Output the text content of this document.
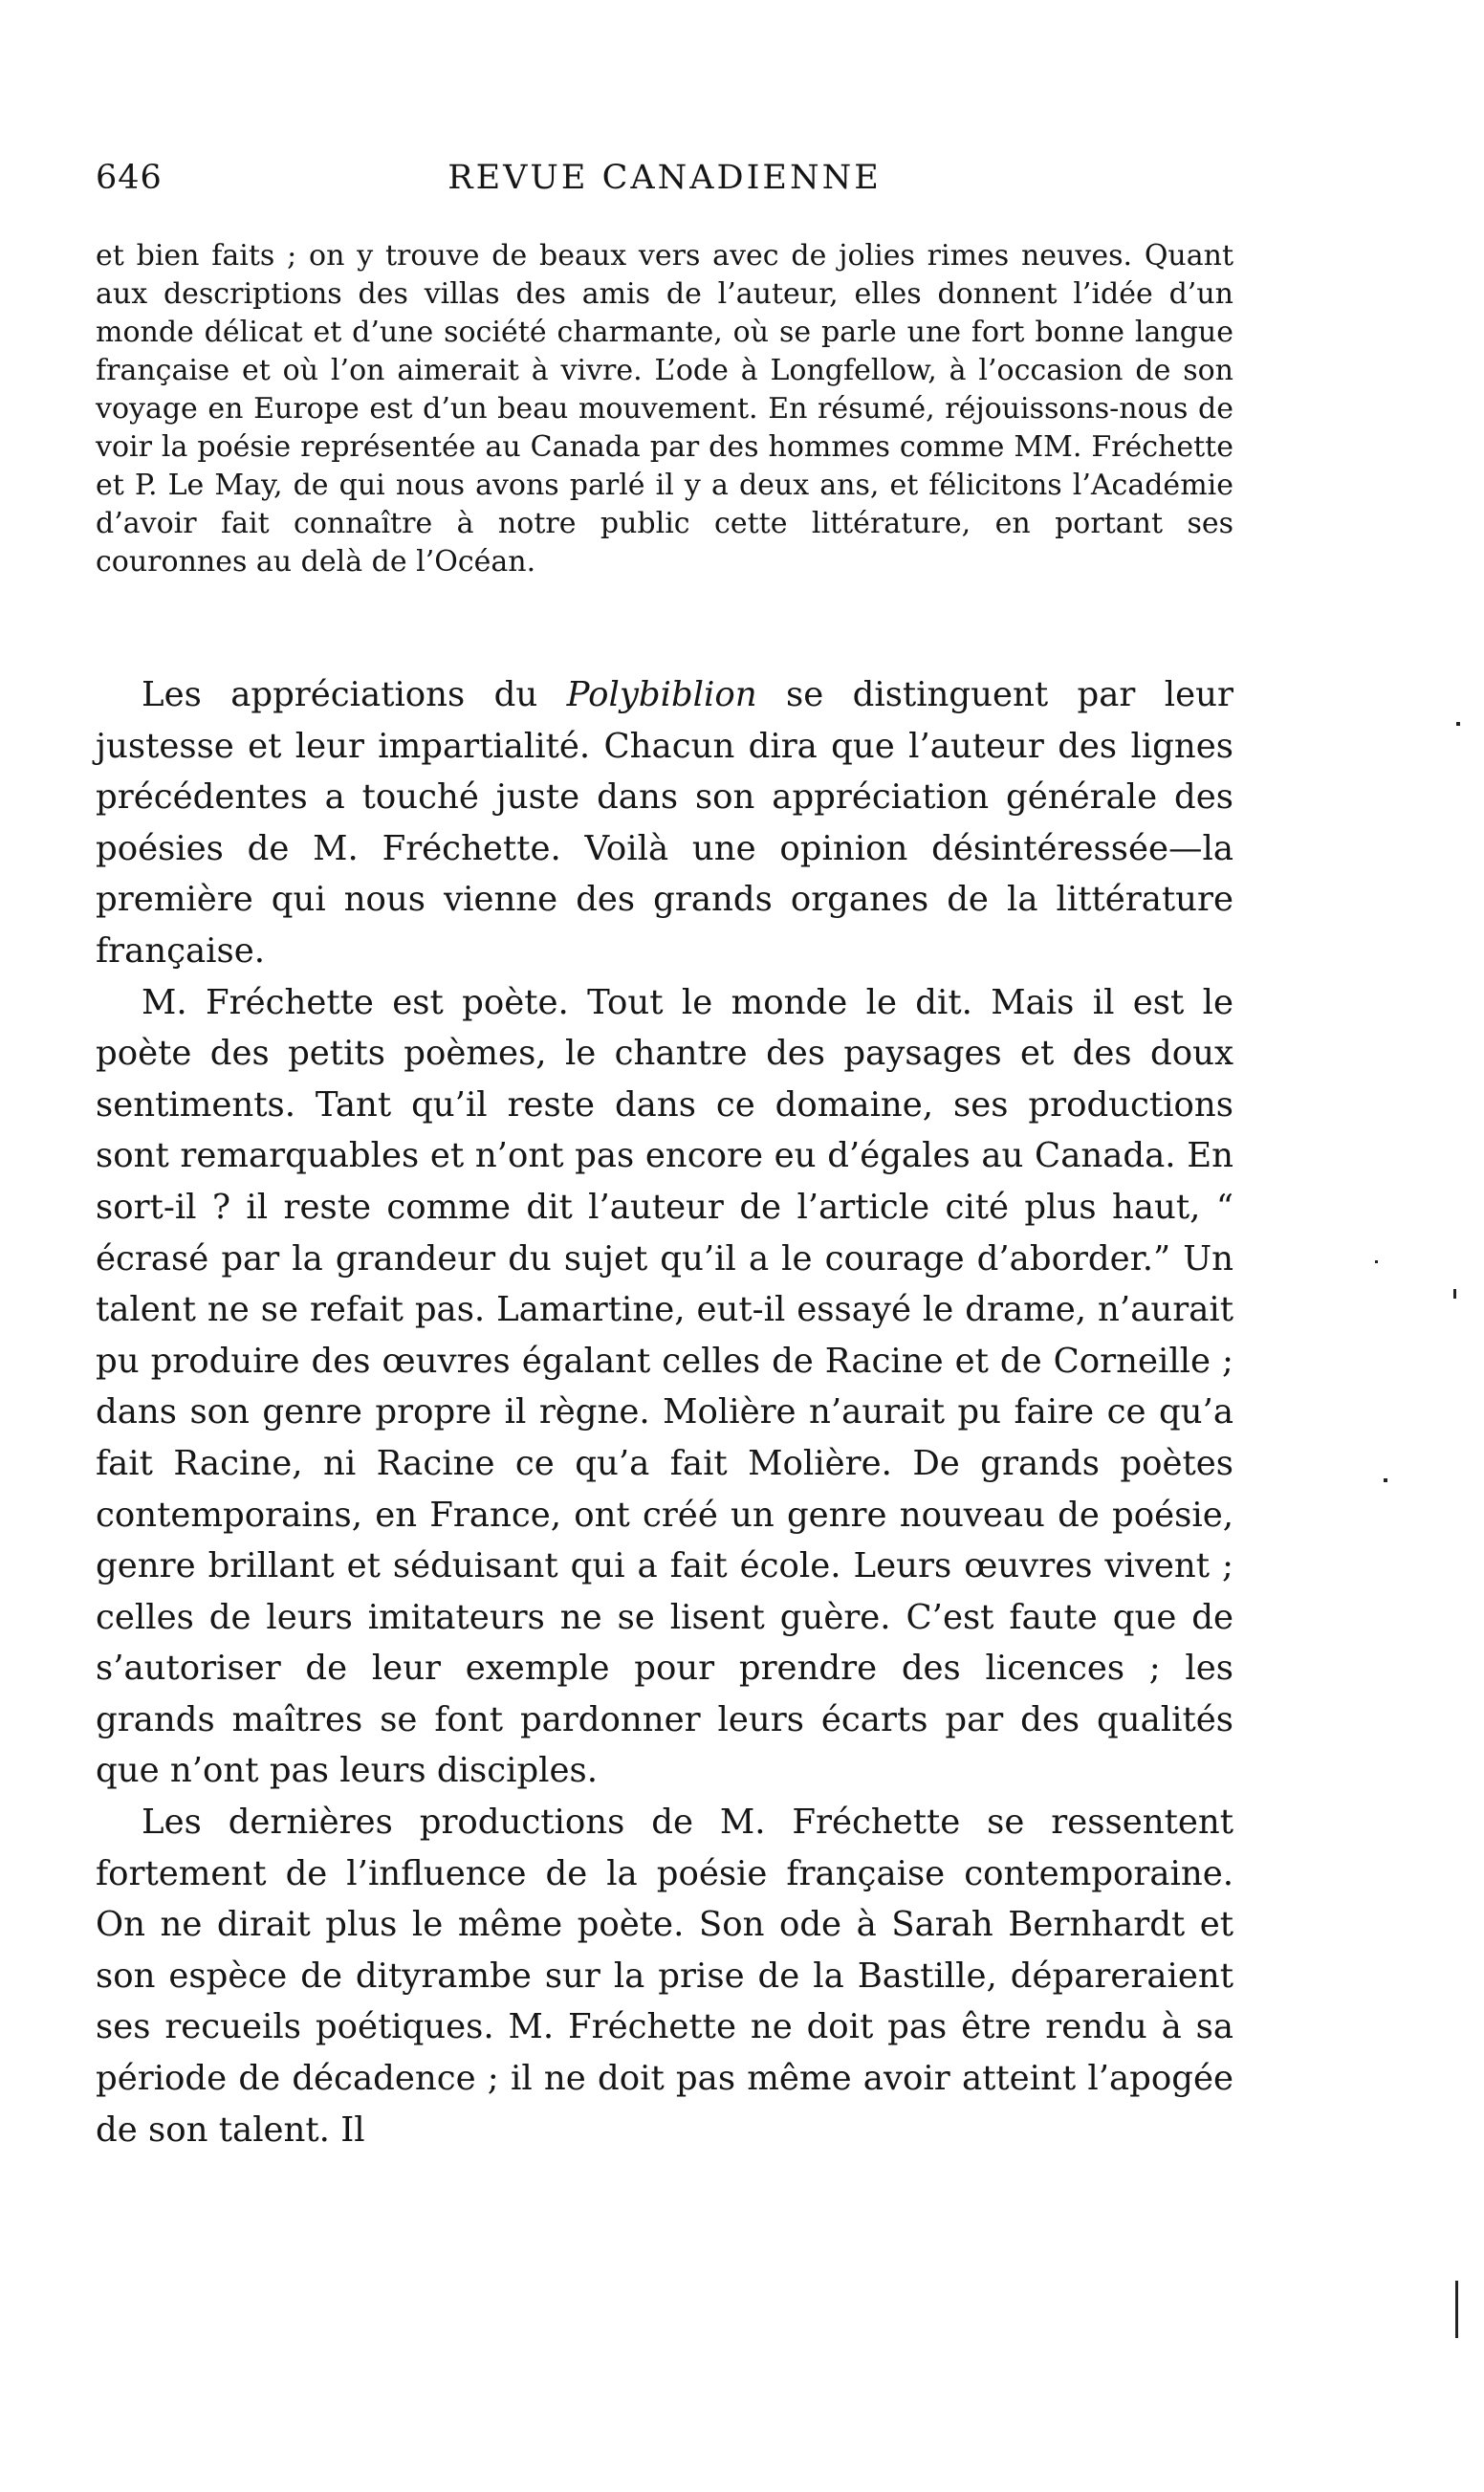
646	REVUE CANADIENNE

et bien faits ; on y trouve de beaux vers avec de jolies rimes neuves. Quant aux descriptions des villas des amis de l’auteur, elles donnent l’idée d’un monde délicat et d’une société charmante, où se parle une fort bonne langue française et où l’on aimerait à vivre. L’ode à Longfellow, à l’occasion de son voyage en Europe est d’un beau mouvement. En résumé, réjouissons-nous de voir la poésie représentée au Canada par des hommes comme MM. Fréchette et P. Le May, de qui nous avons parlé il y a deux ans, et félicitons l’Académie d’avoir fait connaître à notre public cette littérature, en portant ses couronnes au delà de l’Océan.

Les appréciations du Polybiblion se distinguent par leur justesse et leur impartialité. Chacun dira que l’auteur des lignes précédentes a touché juste dans son appréciation générale des poésies de M. Fréchette. Voilà une opinion désintéressée—la première qui nous vienne des grands organes de la littérature française.

M. Fréchette est poète. Tout le monde le dit. Mais il est le poète des petits poèmes, le chantre des paysages et des doux sentiments. Tant qu’il reste dans ce domaine, ses productions sont remarquables et n’ont pas encore eu d’égales au Canada. En sort-il ? il reste comme dit l’auteur de l’article cité plus haut, “ écrasé par la grandeur du sujet qu’il a le courage d’aborder.” Un talent ne se refait pas. Lamartine, eut-il essayé le drame, n’aurait pu produire des œuvres égalant celles de Racine et de Corneille ; dans son genre propre il règne. Molière n’aurait pu faire ce qu’a fait Racine, ni Racine ce qu’a fait Molière. De grands poètes contemporains, en France, ont créé un genre nouveau de poésie, genre brillant et séduisant qui a fait école. Leurs œuvres vivent ; celles de leurs imitateurs ne se lisent guère. C’est faute que de s’autoriser de leur exemple pour prendre des licences ; les grands maîtres se font pardonner leurs écarts par des qualités que n’ont pas leurs disciples.

Les dernières productions de M. Fréchette se ressentent fortement de l’influence de la poésie française contemporaine. On ne dirait plus le même poète. Son ode à Sarah Bernhardt et son espèce de dityrambe sur la prise de la Bastille, dépareraient ses recueils poétiques. M. Fréchette ne doit pas être rendu à sa période de décadence ; il ne doit pas même avoir atteint l’apogée de son talent. Il
